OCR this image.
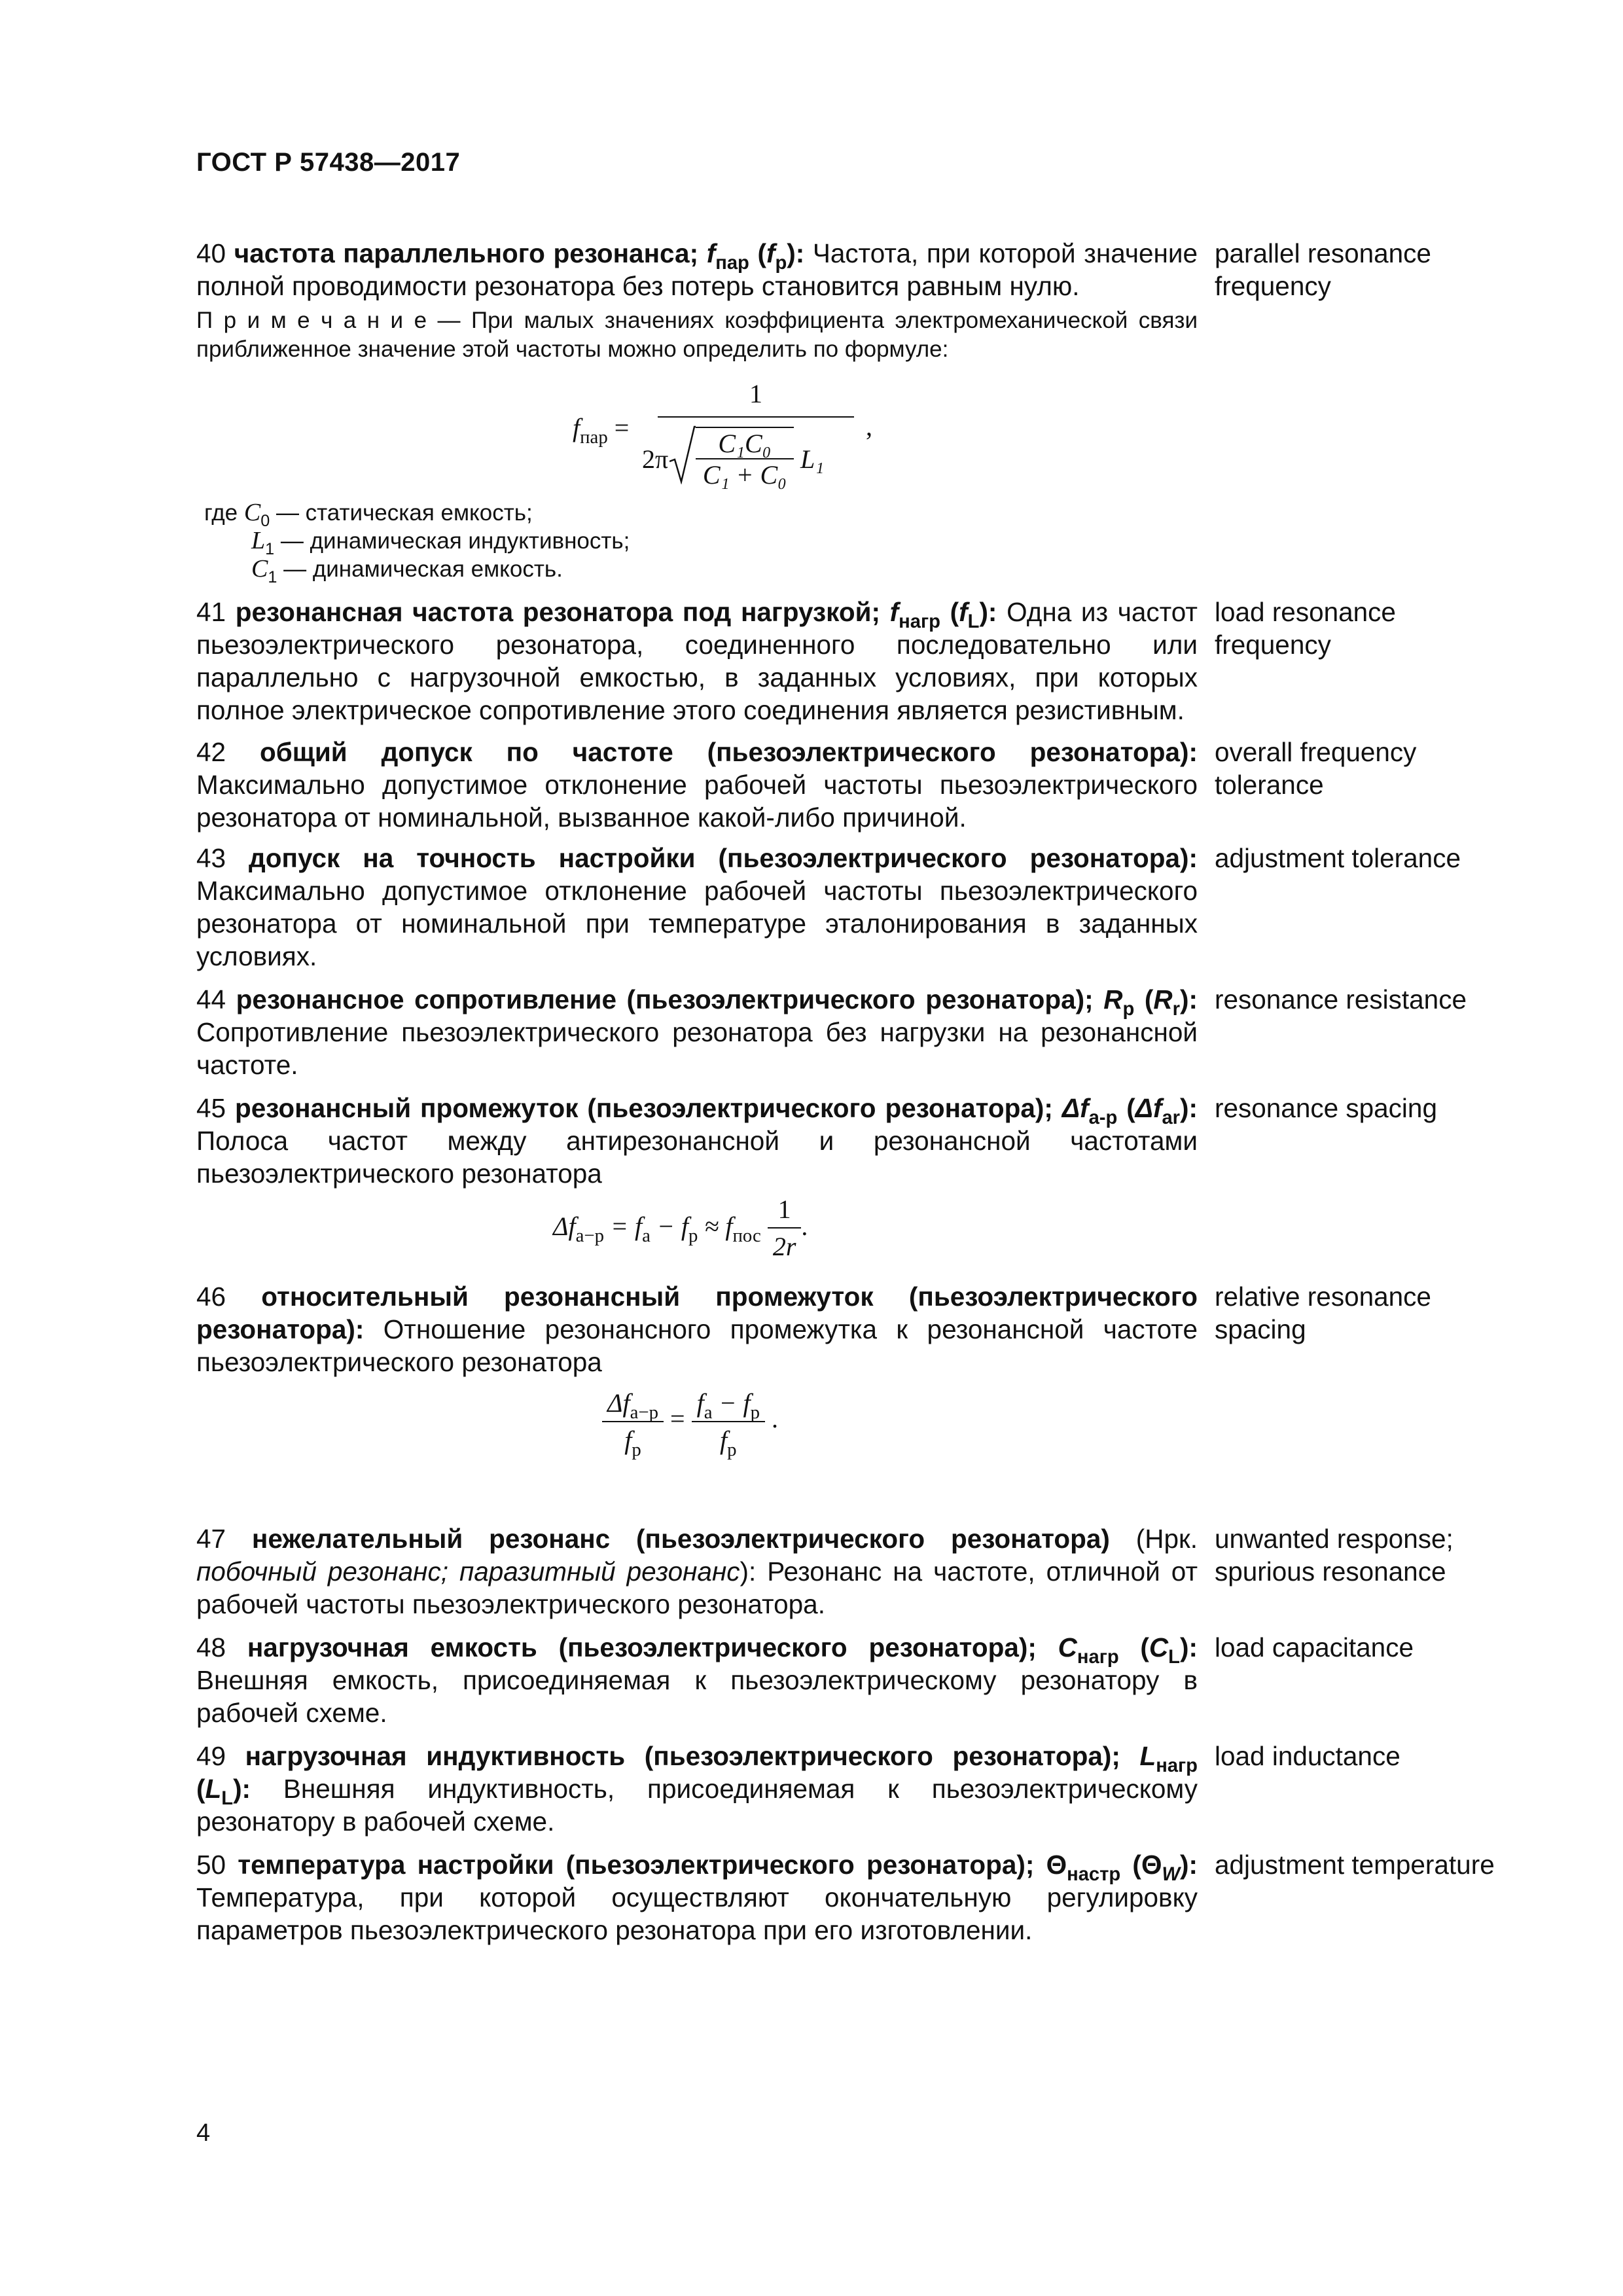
ГОСТ Р 57438—2017
40 частота параллельного резонанса; $f_{пар}$ $(f_p)$: Частота, при которой значение полной проводимости резонатора без потерь становится равным нулю.
П р и м е ч а н и е — При малых значениях коэффициента электромеханической связи приближенное значение этой частоты можно определить по формуле:
parallel resonance frequency
$f_{пар}$ =
1
2π
C₁C₀
C₁ + C₀
L₁
,
где $C_0$ — статическая емкость;
$L_1$ — динамическая индуктивность;
$C_1$ — динамическая емкость.
41 резонансная частота резонатора под нагрузкой; $f_{нагр}$ $(f_L)$: Одна из частот пьезоэлектрического резонатора, соединенного последовательно или параллельно с нагрузочной емкостью, в заданных условиях, при которых полное электрическое сопротивление этого соединения является резистивным.
load resonance frequency
42 общий допуск по частоте (пьезоэлектрического резонатора): Максимально допустимое отклонение рабочей частоты пьезоэлектрического резонатора от номинальной, вызванное какой-либо причиной.
overall frequency tolerance
43 допуск на точность настройки (пьезоэлектрического резонатора): Максимально допустимое отклонение рабочей частоты пьезоэлектрического резонатора от номинальной при температуре эталонирования в заданных условиях.
adjustment tolerance
44 резонансное сопротивление (пьезоэлектрического резонатора); $R_p$ $(R_r)$: Сопротивление пьезоэлектрического резонатора без нагрузки на резонансной частоте.
resonance resistance
45 резонансный промежуток (пьезоэлектрического резонатора); $\Delta f_{a-p}$ $(\Delta f_{ar})$: Полоса частот между антирезонансной и резонансной частотами пьезоэлектрического резонатора
resonance spacing
$\Delta f_{a-p} = f_a - f_p \approx f_{пос} \frac{1}{2r}$ .
46 относительный резонансный промежуток (пьезоэлектрического резонатора): Отношение резонансного промежутка к резонансной частоте пьезоэлектрического резонатора
relative resonance spacing
$\frac{\Delta f_{a-p}}{f_p} = \frac{f_a - f_p}{f_p}$ .
47 нежелательный резонанс (пьезоэлектрического резонатора) (Нрк. побочный резонанс; паразитный резонанс): Резонанс на частоте, отличной от рабочей частоты пьезоэлектрического резонатора.
unwanted response; spurious resonance
48 нагрузочная емкость (пьезоэлектрического резонатора); $C_{нагр}$ $(C_L)$: Внешняя емкость, присоединяемая к пьезоэлектрическому резонатору в рабочей схеме.
load capacitance
49 нагрузочная индуктивность (пьезоэлектрического резонатора); $L_{нагр}$ $(L_L)$: Внешняя индуктивность, присоединяемая к пьезоэлектрическому резонатору в рабочей схеме.
load inductance
50 температура настройки (пьезоэлектрического резонатора); $\Theta_{настр}$ $(\Theta_W)$: Температура, при которой осуществляют окончательную регулировку параметров пьезоэлектрического резонатора при его изготовлении.
adjustment temperature
4
